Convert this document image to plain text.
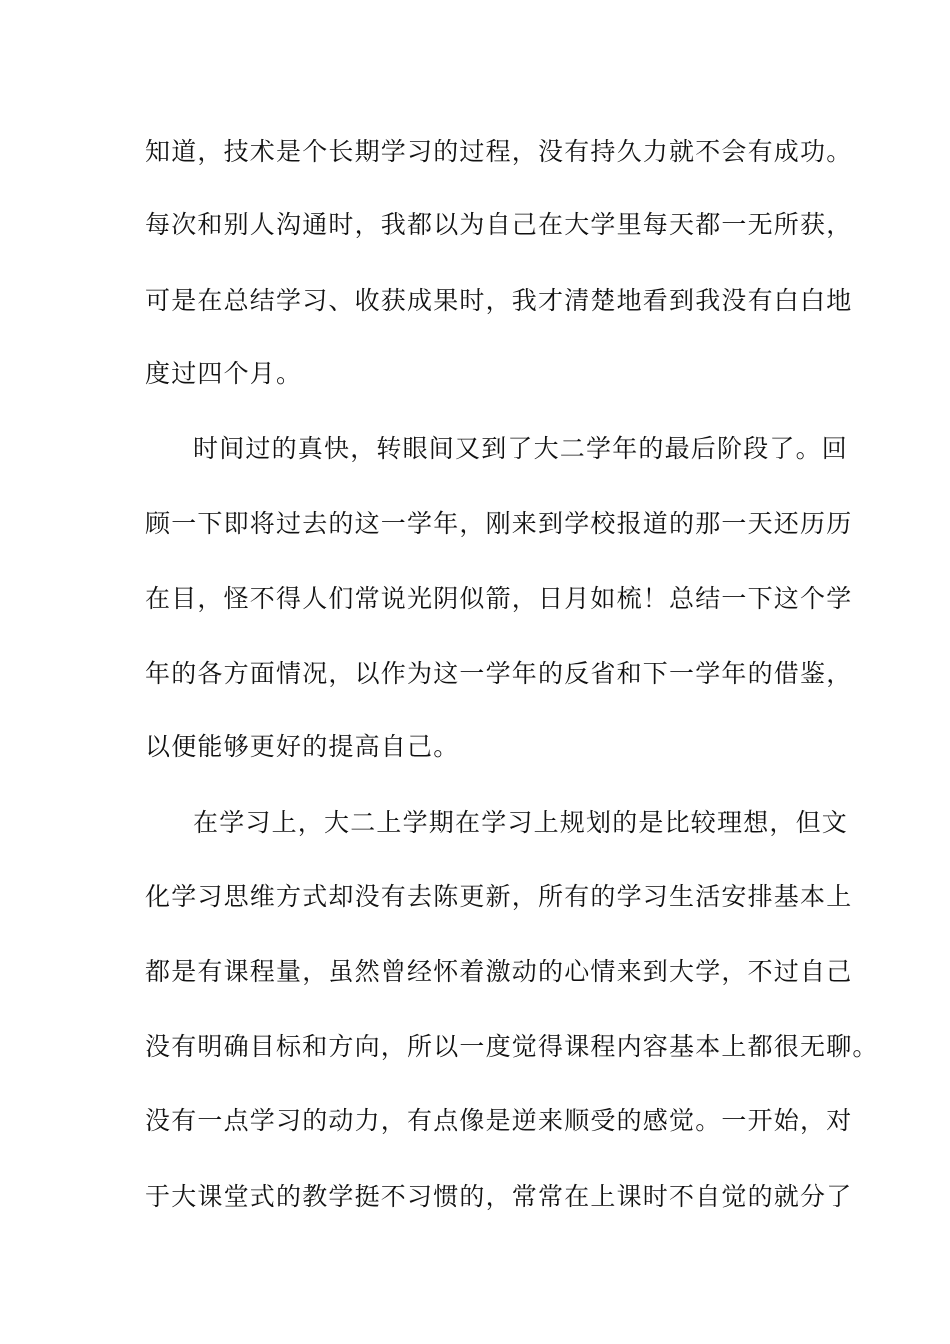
知道，技术是个长期学习的过程，没有持久力就不会有成功。
每次和别人沟通时，我都以为自己在大学里每天都一无所获，
可是在总结学习、收获成果时，我才清楚地看到我没有白白地
度过四个月。
时间过的真快，转眼间又到了大二学年的最后阶段了。回
顾一下即将过去的这一学年，刚来到学校报道的那一天还历历
在目，怪不得人们常说光阴似箭，日月如梳！总结一下这个学
年的各方面情况，以作为这一学年的反省和下一学年的借鉴，
以便能够更好的提高自己。
在学习上，大二上学期在学习上规划的是比较理想，但文
化学习思维方式却没有去陈更新，所有的学习生活安排基本上
都是有课程量，虽然曾经怀着激动的心情来到大学，不过自己
没有明确目标和方向，所以一度觉得课程内容基本上都很无聊。
没有一点学习的动力，有点像是逆来顺受的感觉。一开始，对
于大课堂式的教学挺不习惯的，常常在上课时不自觉的就分了
